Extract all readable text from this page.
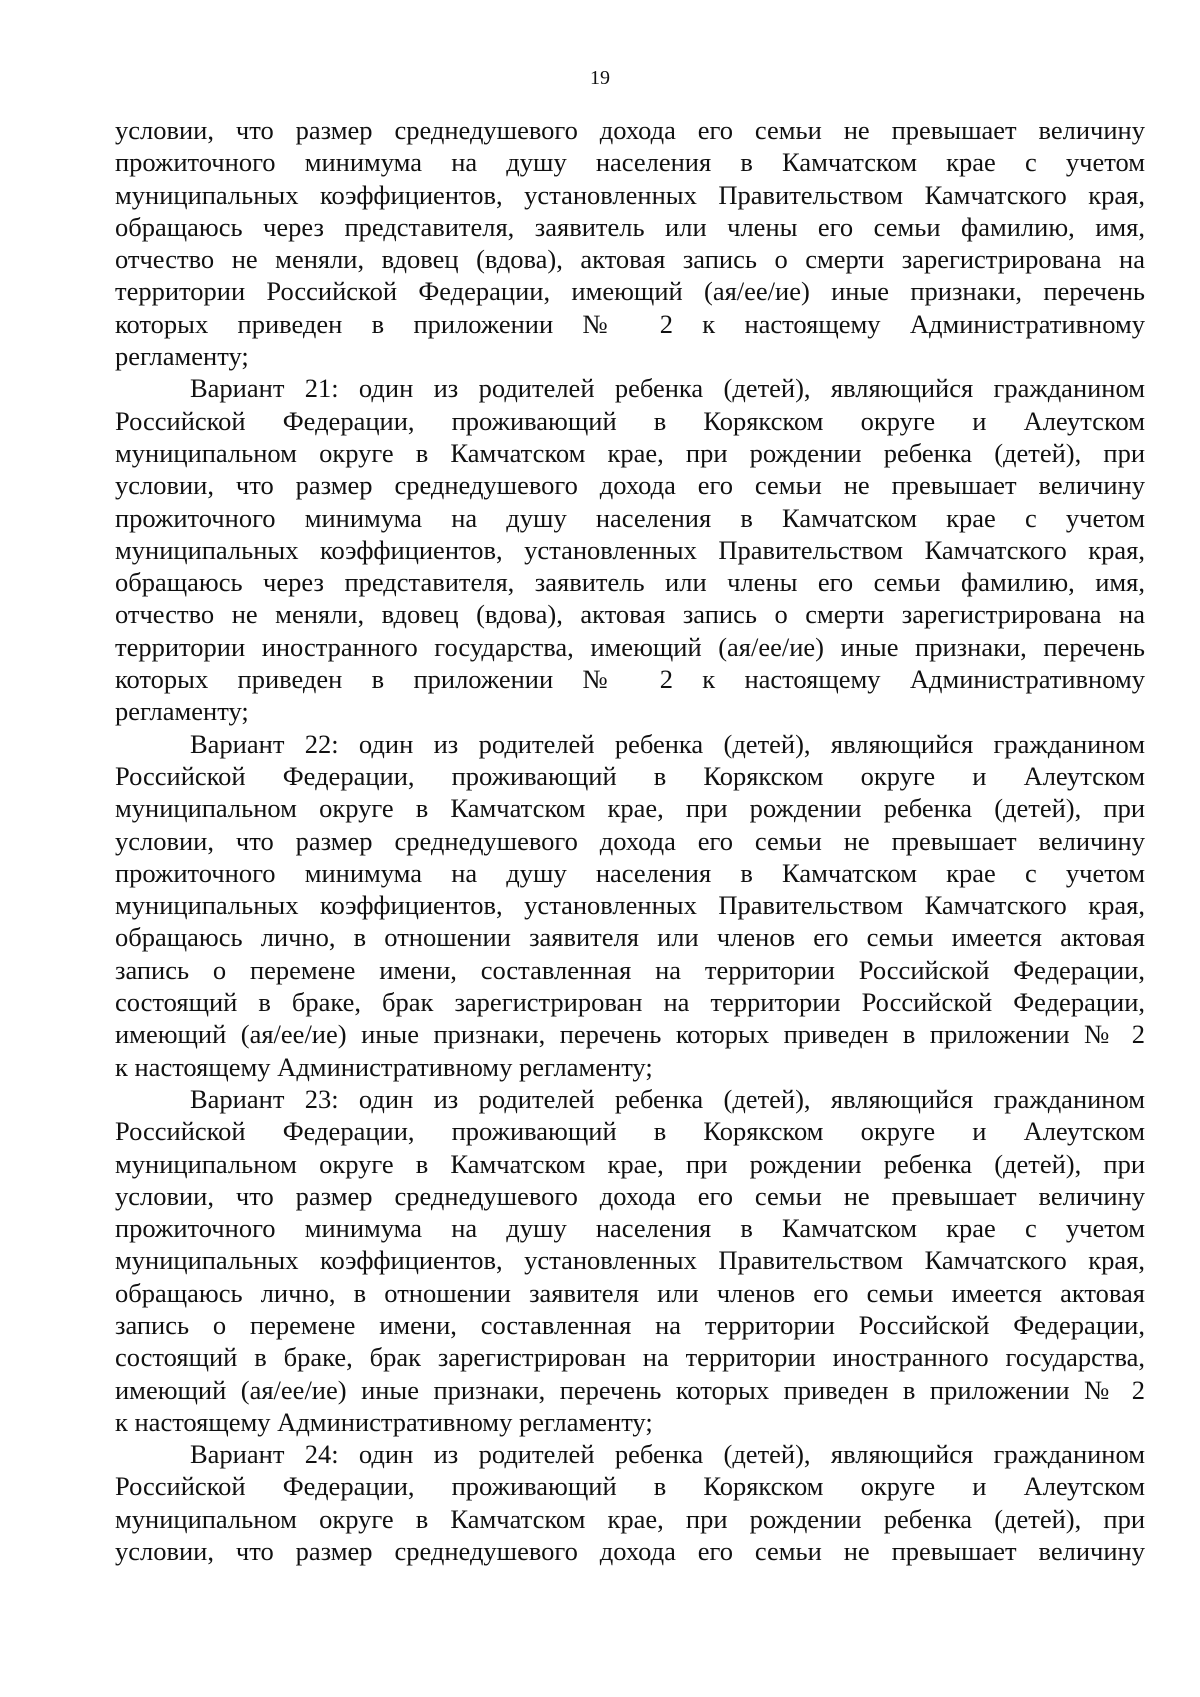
19
условии, что размер среднедушевого дохода его семьи не превышает величину
прожиточного минимума на душу населения в Камчатском крае с учетом
муниципальных коэффициентов, установленных Правительством Камчатского края,
обращаюсь через представителя, заявитель или члены его семьи фамилию, имя,
отчество не меняли, вдовец (вдова), актовая запись о смерти зарегистрирована на
территории Российской Федерации, имеющий (ая/ее/ие) иные признаки, перечень
которых приведен в приложении № 2 к настоящему Административному
регламенту;
Вариант 21: один из родителей ребенка (детей), являющийся гражданином
Российской Федерации, проживающий в Корякском округе и Алеутском
муниципальном округе в Камчатском крае, при рождении ребенка (детей), при
условии, что размер среднедушевого дохода его семьи не превышает величину
прожиточного минимума на душу населения в Камчатском крае с учетом
муниципальных коэффициентов, установленных Правительством Камчатского края,
обращаюсь через представителя, заявитель или члены его семьи фамилию, имя,
отчество не меняли, вдовец (вдова), актовая запись о смерти зарегистрирована на
территории иностранного государства, имеющий (ая/ее/ие) иные признаки, перечень
которых приведен в приложении № 2 к настоящему Административному
регламенту;
Вариант 22: один из родителей ребенка (детей), являющийся гражданином
Российской Федерации, проживающий в Корякском округе и Алеутском
муниципальном округе в Камчатском крае, при рождении ребенка (детей), при
условии, что размер среднедушевого дохода его семьи не превышает величину
прожиточного минимума на душу населения в Камчатском крае с учетом
муниципальных коэффициентов, установленных Правительством Камчатского края,
обращаюсь лично, в отношении заявителя или членов его семьи имеется актовая
запись о перемене имени, составленная на территории Российской Федерации,
состоящий в браке, брак зарегистрирован на территории Российской Федерации,
имеющий (ая/ее/ие) иные признаки, перечень которых приведен в приложении № 2
к настоящему Административному регламенту;
Вариант 23: один из родителей ребенка (детей), являющийся гражданином
Российской Федерации, проживающий в Корякском округе и Алеутском
муниципальном округе в Камчатском крае, при рождении ребенка (детей), при
условии, что размер среднедушевого дохода его семьи не превышает величину
прожиточного минимума на душу населения в Камчатском крае с учетом
муниципальных коэффициентов, установленных Правительством Камчатского края,
обращаюсь лично, в отношении заявителя или членов его семьи имеется актовая
запись о перемене имени, составленная на территории Российской Федерации,
состоящий в браке, брак зарегистрирован на территории иностранного государства,
имеющий (ая/ее/ие) иные признаки, перечень которых приведен в приложении № 2
к настоящему Административному регламенту;
Вариант 24: один из родителей ребенка (детей), являющийся гражданином
Российской Федерации, проживающий в Корякском округе и Алеутском
муниципальном округе в Камчатском крае, при рождении ребенка (детей), при
условии, что размер среднедушевого дохода его семьи не превышает величину
